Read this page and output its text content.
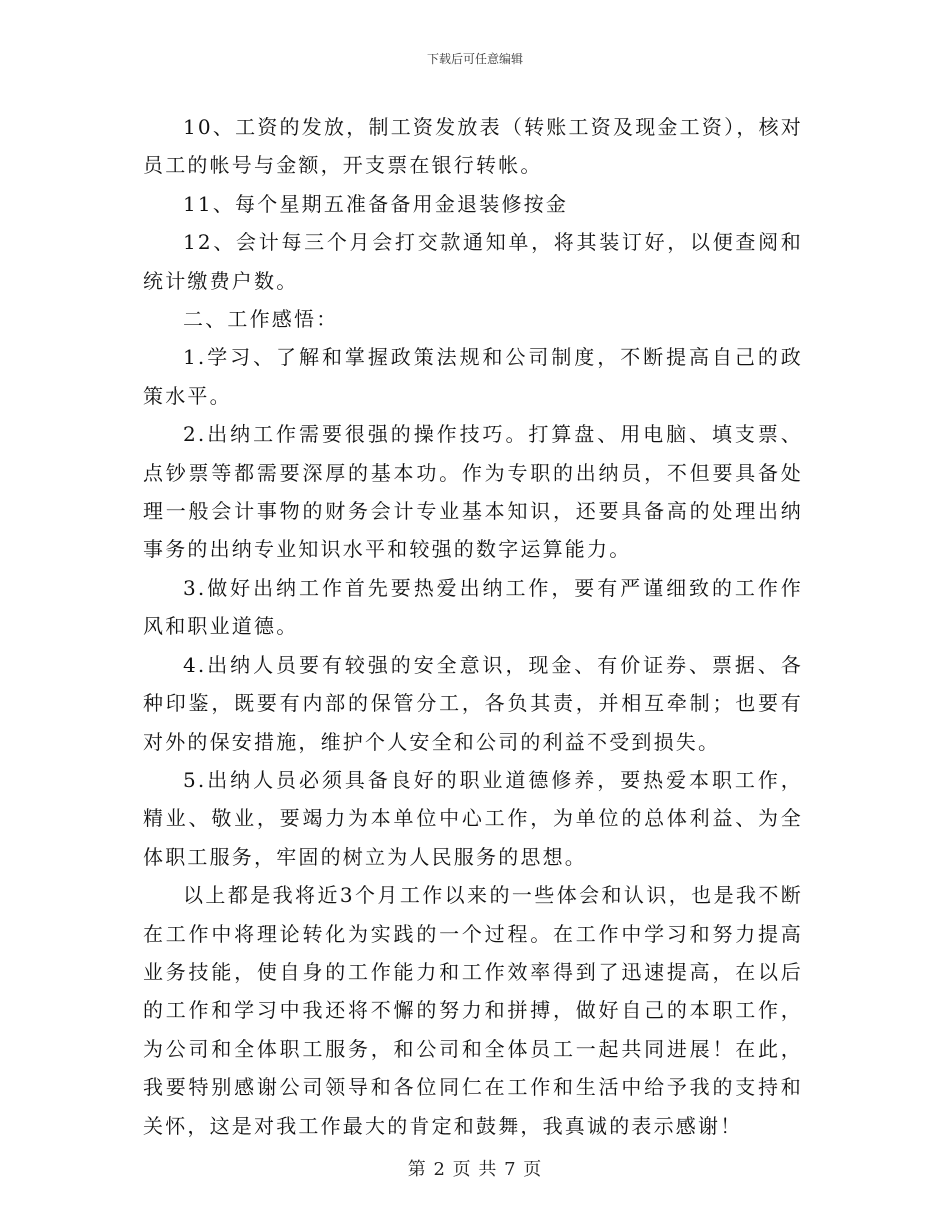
下载后可任意编辑

10、工资的发放，制工资发放表（转账工资及现金工资），核对员工的帐号与金额，开支票在银行转帐。

11、每个星期五准备备用金退装修按金

12、会计每三个月会打交款通知单，将其装订好，以便查阅和统计缴费户数。

二、工作感悟：

1.学习、了解和掌握政策法规和公司制度，不断提高自己的政策水平。

2.出纳工作需要很强的操作技巧。打算盘、用电脑、填支票、点钞票等都需要深厚的基本功。作为专职的出纳员，不但要具备处理一般会计事物的财务会计专业基本知识，还要具备高的处理出纳事务的出纳专业知识水平和较强的数字运算能力。

3.做好出纳工作首先要热爱出纳工作，要有严谨细致的工作作风和职业道德。

4.出纳人员要有较强的安全意识，现金、有价证券、票据、各种印鉴，既要有内部的保管分工，各负其责，并相互牵制；也要有对外的保安措施，维护个人安全和公司的利益不受到损失。

5.出纳人员必须具备良好的职业道德修养，要热爱本职工作，精业、敬业，要竭力为本单位中心工作，为单位的总体利益、为全体职工服务，牢固的树立为人民服务的思想。

以上都是我将近3个月工作以来的一些体会和认识，也是我不断在工作中将理论转化为实践的一个过程。在工作中学习和努力提高业务技能，使自身的工作能力和工作效率得到了迅速提高，在以后的工作和学习中我还将不懈的努力和拼搏，做好自己的本职工作，为公司和全体职工服务，和公司和全体员工一起共同进展！在此，我要特别感谢公司领导和各位同仁在工作和生活中给予我的支持和关怀，这是对我工作最大的肯定和鼓舞，我真诚的表示感谢！

第 2 页 共 7 页
